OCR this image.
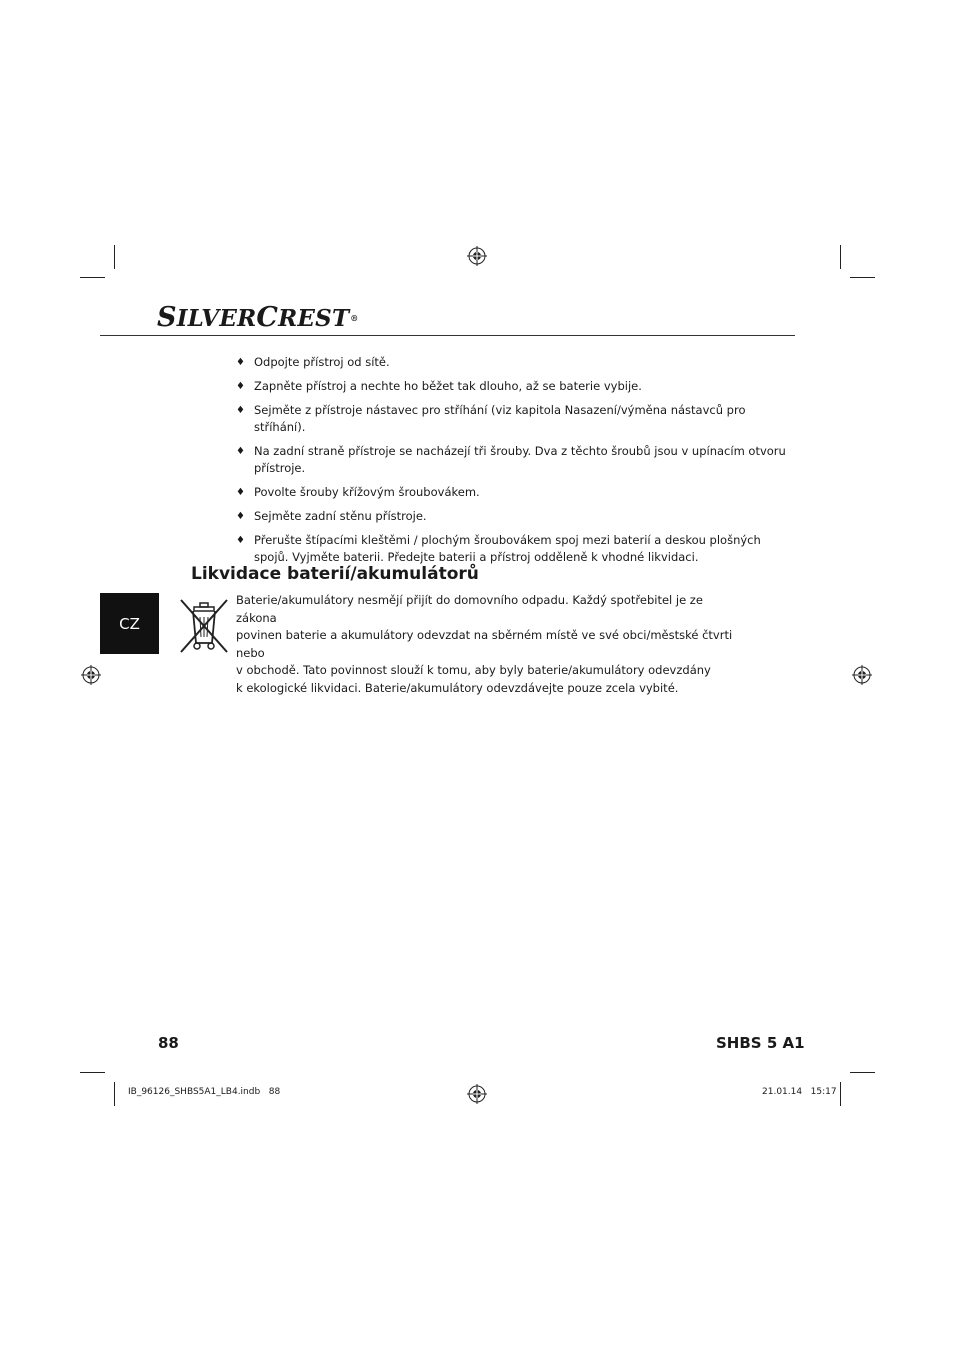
SILVERCREST®
♦ Odpojte přístroj od sítě.
♦ Zapněte přístroj a nechte ho běžet tak dlouho, až se baterie vybije.
♦ Sejměte z přístroje nástavec pro stříhání (viz kapitola Nasazení/výměna nástavců pro stříhání).
♦ Na zadní straně přístroje se nacházejí tři šrouby. Dva z těchto šroubů jsou v upínacím otvoru přístroje.
♦ Povolte šrouby křížovým šroubovákem.
♦ Sejměte zadní stěnu přístroje.
♦ Přerušte štípacími kleštěmi / plochým šroubovákem spoj mezi baterií a deskou plošných spojů. Vyjměte baterii. Předejte baterii a přístroj odděleně k vhodné likvidaci.
Likvidace baterií/akumulátorů
CZ
Baterie/akumulátory nesmějí přijít do domovního odpadu. Každý spotřebitel je ze zákona
povinen baterie a akumulátory odevzdat na sběrném místě ve své obci/městské čtvrti nebo
v obchodě. Tato povinnost slouží k tomu, aby byly baterie/akumulátory odevzdány
k ekologické likvidaci. Baterie/akumulátory odevzdávejte pouze zcela vybité.
88	SHBS 5 A1
IB_96126_SHBS5A1_LB4.indb   88	21.01.14   15:17
